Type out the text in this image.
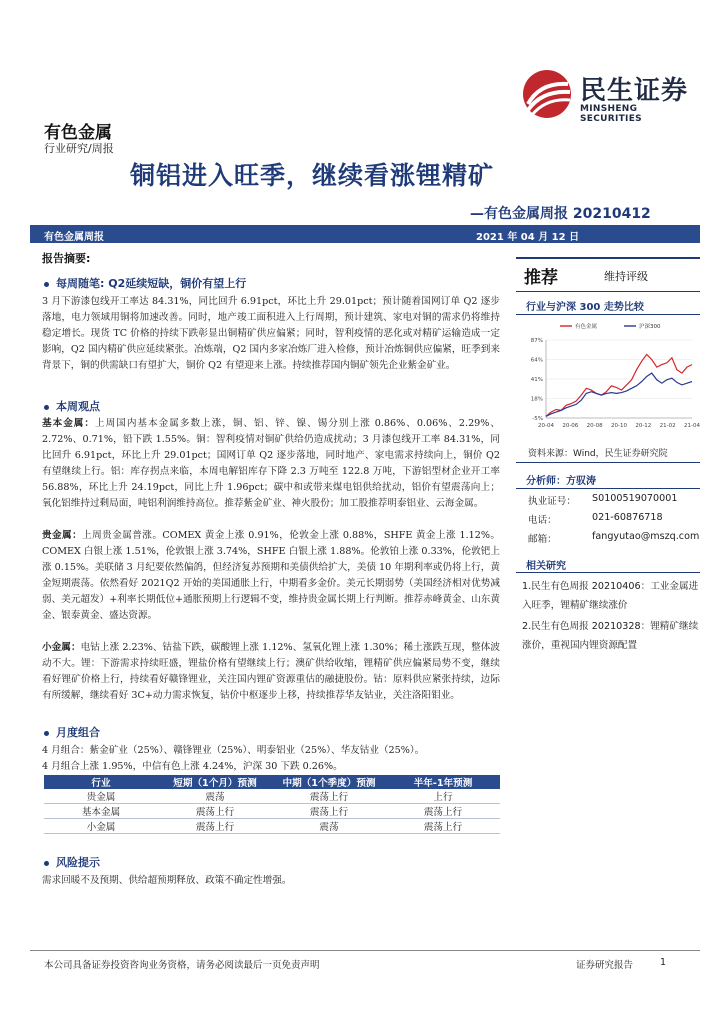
民生证券
MINSHENG SECURITIES
有色金属
行业研究/周报
铜铝进入旺季，继续看涨锂精矿
—有色金属周报 20210412
有色金属周报	2021 年 04 月 12 日
报告摘要:
每周随笔: Q2延续短缺，铜价有望上行
3 月下游漆包线开工率达 84.31%，同比回升 6.91pct，环比上升 29.01pct；预计随着国网订单 Q2 逐步落地，电力领域用铜将加速改善。同时，地产竣工面积进入上行周期，预计建筑、家电对铜的需求仍将维持稳定增长。现货 TC 价格的持续下跌彰显出铜精矿供应偏紧；同时，智利疫情的恶化或对精矿运输造成一定影响，Q2 国内精矿供应延续紧张。冶炼端，Q2 国内多家冶炼厂进入检修，预计冶炼铜供应偏紧，旺季到来背景下，铜的供需缺口有望扩大，铜价 Q2 有望迎来上涨。持续推荐国内铜矿领先企业紫金矿业。
本周观点
基本金属：上周国内基本金属多数上涨，铜、铝、锌、镍、锡分别上涨 0.86%、0.06%、2.29%、2.72%、0.71%，铅下跌 1.55%。铜：智利疫情对铜矿供给仍造成扰动；3 月漆包线开工率 84.31%，同比回升 6.91pct，环比上升 29.01pct；国网订单 Q2 逐步落地，同时地产、家电需求持续向上，铜价 Q2 有望继续上行。铝：库存拐点来临，本周电解铝库存下降 2.3 万吨至 122.8 万吨，下游铝型材企业开工率 56.88%，环比上升 24.19pct，同比上升 1.96pct；碳中和或带来煤电铝供给扰动，铝价有望震荡向上；氧化铝维持过剩局面，吨铝利润维持高位。推荐紫金矿业、神火股份；加工股推荐明泰铝业、云海金属。
贵金属：上周贵金属普涨。COMEX 黄金上涨 0.91%，伦敦金上涨 0.88%，SHFE 黄金上涨 1.12%。COMEX 白银上涨 1.51%，伦敦银上涨 3.74%，SHFE 白银上涨 1.88%。伦敦铂上涨 0.33%，伦敦钯上涨 0.15%。美联储 3 月纪要依然偏鸽，但经济复苏预期和美债供给扩大，美债 10 年期利率或仍将上行，黄金短期震荡。依然看好 2021Q2 开始的美国通胀上行，中期看多金价。美元长期弱势（美国经济相对优势减弱、美元超发）+利率长期低位+通胀预期上行逻辑不变，维持贵金属长期上行判断。推荐赤峰黄金、山东黄金、银泰黄金、盛达资源。
小金属：电钴上涨 2.23%、钴盐下跌，碳酸锂上涨 1.12%、氢氧化锂上涨 1.30%；稀土涨跌互现，整体波动不大。锂：下游需求持续旺盛，锂盐价格有望继续上行；澳矿供给收缩，锂精矿供应偏紧局势不变，继续看好锂矿价格上行，持续看好赣锋锂业，关注国内锂矿资源重估的融捷股份。钴：原料供应紧张持续，边际有所缓解，继续看好 3C+动力需求恢复，钴价中枢逐步上移，持续推荐华友钴业，关注洛阳钼业。
月度组合
4 月组合：紫金矿业（25%）、赣锋锂业（25%）、明泰铝业（25%）、华友钴业（25%）。
4 月组合上涨 1.95%，中信有色上涨 4.24%，沪深 30 下跌 0.26%。
行业	短期（1个月）预测	中期（1个季度）预测	半年-1年预测
贵金属	震荡	震荡上行	上行
基本金属	震荡上行	震荡上行	震荡上行
小金属	震荡上行	震荡	震荡上行
风险提示
需求回暖不及预期、供给超预期释放、政策不确定性增强。
推荐	维持评级
行业与沪深 300 走势比较
-5%
18%
41%
64%
87%
20-04 20-06 20-08 20-10 20-12 21-02 21-04
有色金属	沪深300
资料来源：Wind，民生证券研究院
分析师：方驭涛
执业证号： S0100519070001
电话：	021-60876718
邮箱：	fangyutao@mszq.com
相关研究
1.民生有色周报 20210406：工业金属进入旺季，锂精矿继续涨价
2.民生有色周报 20210328：锂精矿继续涨价，重视国内锂资源配置
本公司具备证券投资咨询业务资格，请务必阅读最后一页免责声明	证券研究报告	1
